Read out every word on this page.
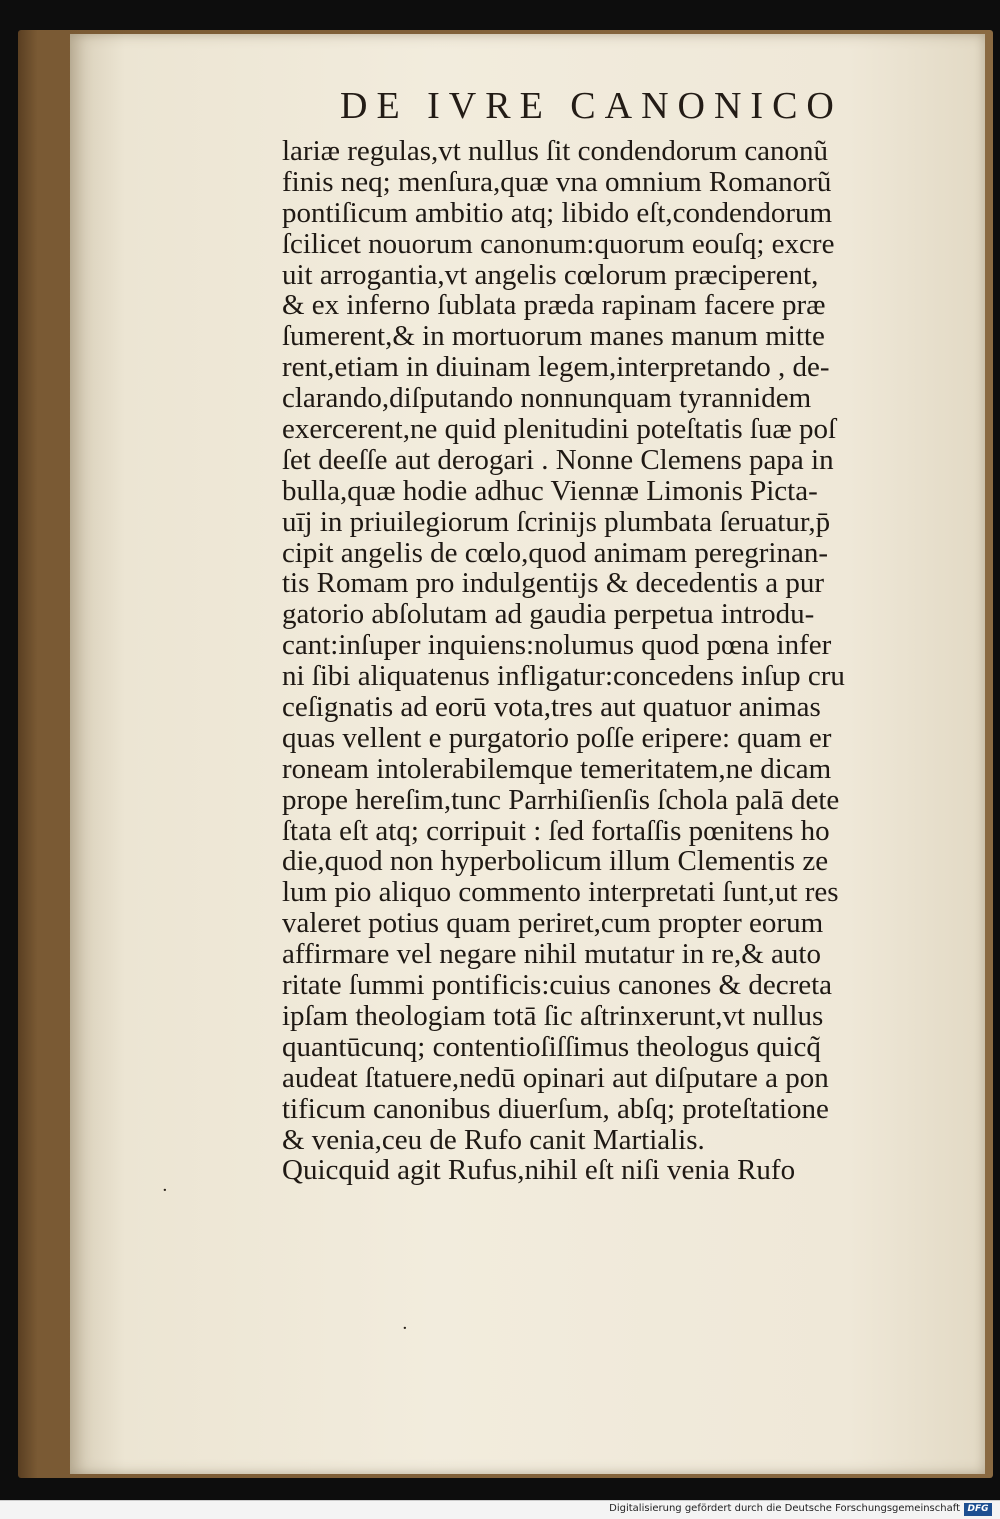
DE IVRE CANONICO
lariæ regulas,vt nullus ſit condendorum canonũ
finis neq; menſura,quæ vna omnium Romanorũ
pontiſicum ambitio atq; libido eſt,condendorum
ſcilicet nouorum canonum:quorum eouſq; excre
uit arrogantia,vt angelis cœlorum præciperent,
& ex inferno ſublata præda rapinam facere præ
ſumerent,& in mortuorum manes manum mitte
rent,etiam in diuinam legem,interpretando , de-
clarando,diſputando nonnunquam tyrannidem
exercerent,ne quid plenitudini poteſtatis ſuæ poſ
ſet deeſſe aut derogari . Nonne Clemens papa in
bulla,quæ hodie adhuc Viennæ Limonis Picta-
uīj in priuilegiorum ſcrinijs plumbata ſeruatur,p̄
cipit angelis de cœlo,quod animam peregrinan-
tis Romam pro indulgentijs & decedentis a pur
gatorio abſolutam ad gaudia perpetua introdu-
cant:inſuper inquiens:nolumus quod pœna infer
ni ſibi aliquatenus infligatur:concedens inſup cru
ceſignatis ad eorū vota,tres aut quatuor animas
quas vellent e purgatorio poſſe eripere: quam er
roneam intolerabilemque temeritatem,ne dicam
prope hereſim,tunc Parrhiſienſis ſchola palā dete
ſtata eſt atq; corripuit : ſed fortaſſis pœnitens ho
die,quod non hyperbolicum illum Clementis ze
lum pio aliquo commento interpretati ſunt,ut res
valeret potius quam periret,cum propter eorum
affirmare vel negare nihil mutatur in re,& auto
ritate ſummi pontificis:cuius canones & decreta
ipſam theologiam totā ſic aſtrinxerunt,vt nullus
quantūcunq; contentioſiſſimus theologus quicq̃
audeat ſtatuere,nedū opinari aut diſputare a pon
tificum canonibus diuerſum, abſq; proteſtatione
& venia,ceu de Rufo canit Martialis.
Quicquid agit Rufus,nihil eſt niſi venia Rufo
·
·
Digitalisierung gefördert durch die Deutsche Forschungsgemeinschaft DFG
